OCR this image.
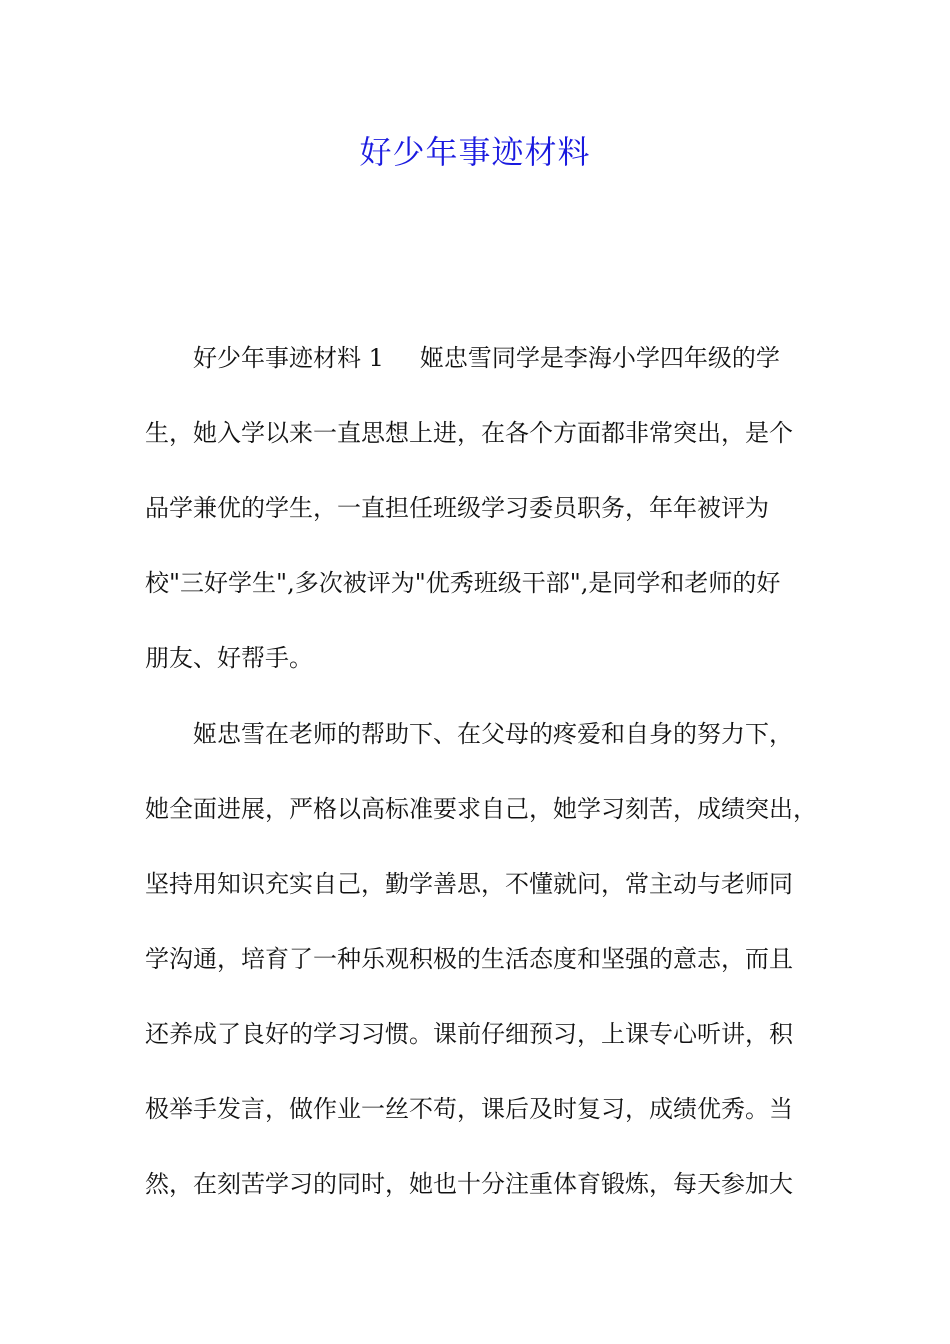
好少年事迹材料
好少年事迹材料 1 姬忠雪同学是李海小学四年级的学
生，她入学以来一直思想上进，在各个方面都非常突出，是个
品学兼优的学生，一直担任班级学习委员职务，年年被评为
校"三好学生",多次被评为"优秀班级干部",是同学和老师的好
朋友、好帮手。
姬忠雪在老师的帮助下、在父母的疼爱和自身的努力下，
她全面进展，严格以高标准要求自己，她学习刻苦，成绩突出，
坚持用知识充实自己，勤学善思，不懂就问，常主动与老师同
学沟通，培育了一种乐观积极的生活态度和坚强的意志，而且
还养成了良好的学习习惯。课前仔细预习，上课专心听讲，积
极举手发言，做作业一丝不苟，课后及时复习，成绩优秀。当
然，在刻苦学习的同时，她也十分注重体育锻炼，每天参加大
